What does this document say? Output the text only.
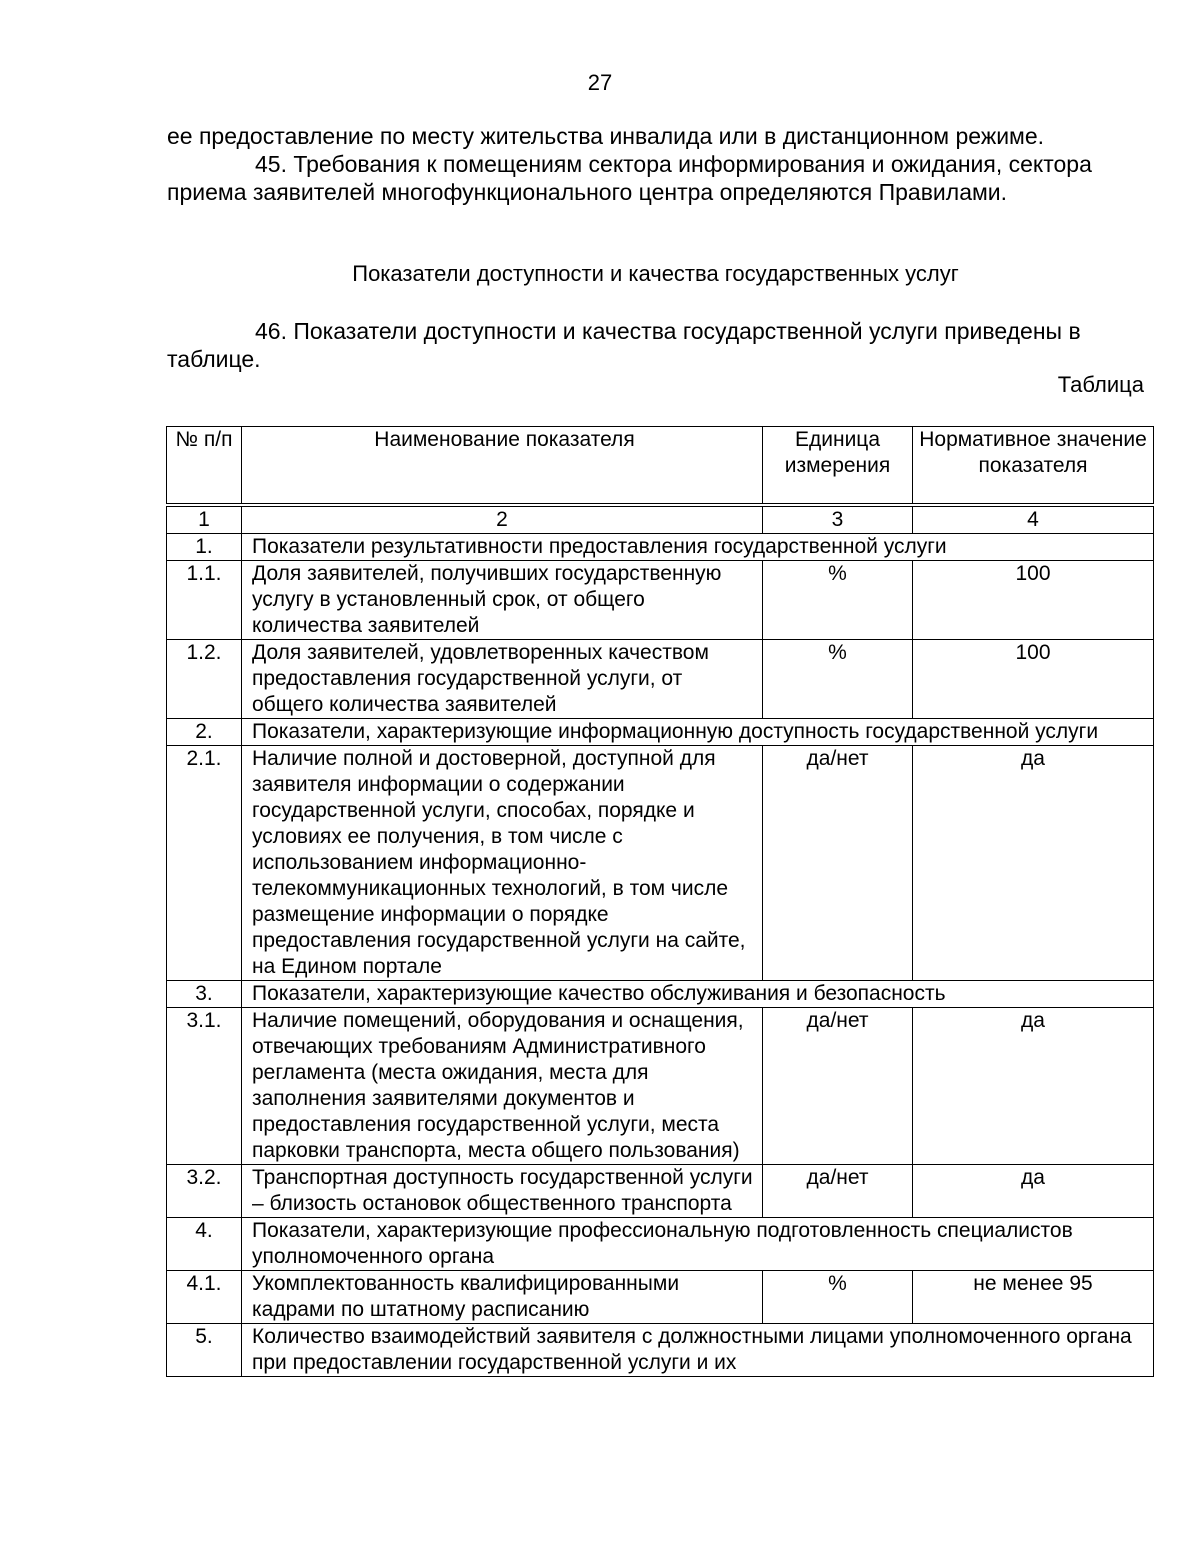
27

ее предоставление по месту жительства инвалида или в дистанционном режиме.

45. Требования к помещениям сектора информирования и ожидания, сектора приема заявителей многофункционального центра определяются Правилами.

Показатели доступности и качества государственных услуг

46. Показатели доступности и качества государственной услуги приведены в таблице.

Таблица
№ п/п	Наименование показателя	Единица измерения	Нормативное значение показателя

1	2	3	4
1.	Показатели результативности предоставления государственной услуги		
1.1.	Доля заявителей, получивших государственную услугу в установленный срок, от общего количества заявителей	%	100
1.2.	Доля заявителей, удовлетворенных качеством предоставления государственной услуги, от общего количества заявителей	%	100
2.	Показатели, характеризующие информационную доступность государственной услуги		
2.1.	Наличие полной и достоверной, доступной для заявителя информации о содержании государственной услуги, способах, порядке и условиях ее получения, в том числе с использованием информационно-телекоммуникационных технологий, в том числе размещение информации о порядке предоставления государственной услуги на сайте, на Едином портале	да/нет	да
3.	Показатели, характеризующие качество обслуживания и безопасность		
3.1.	Наличие помещений, оборудования и оснащения, отвечающих требованиям Административного регламента (места ожидания, места для заполнения заявителями документов и предоставления государственной услуги, места парковки транспорта, места общего пользования)	да/нет	да
3.2.	Транспортная доступность государственной услуги – близость остановок общественного транспорта	да/нет	да
4.	Показатели, характеризующие профессиональную подготовленность специалистов уполномоченного органа		
4.1.	Укомплектованность квалифицированными кадрами по штатному расписанию	%	не менее 95
5.	Количество взаимодействий заявителя с должностными лицами уполномоченного органа при предоставлении государственной услуги и их		
